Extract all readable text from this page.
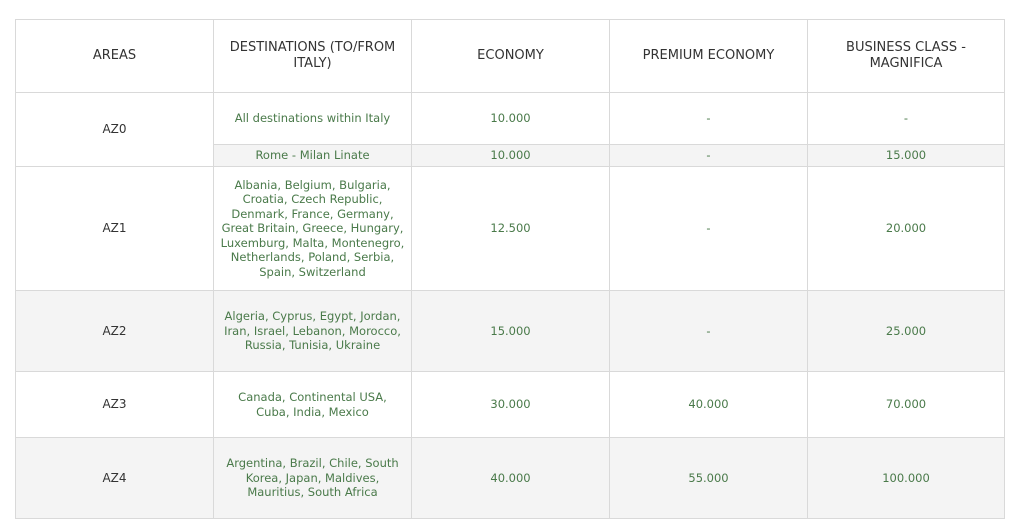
AREAS	DESTINATIONS (TO/FROM ITALY)	ECONOMY	PREMIUM ECONOMY	BUSINESS CLASS - MAGNIFICA
AZ0	All destinations within Italy	10.000	-	-
	Rome - Milan Linate	10.000	-	15.000
AZ1	Albania, Belgium, Bulgaria, Croatia, Czech Republic, Denmark, France, Germany, Great Britain, Greece, Hungary, Luxemburg, Malta, Montenegro, Netherlands, Poland, Serbia, Spain, Switzerland	12.500	-	20.000
AZ2	Algeria, Cyprus, Egypt, Jordan, Iran, Israel, Lebanon, Morocco, Russia, Tunisia, Ukraine	15.000	-	25.000
AZ3	Canada, Continental USA, Cuba, India, Mexico	30.000	40.000	70.000
AZ4	Argentina, Brazil, Chile, South Korea, Japan, Maldives, Mauritius, South Africa	40.000	55.000	100.000
